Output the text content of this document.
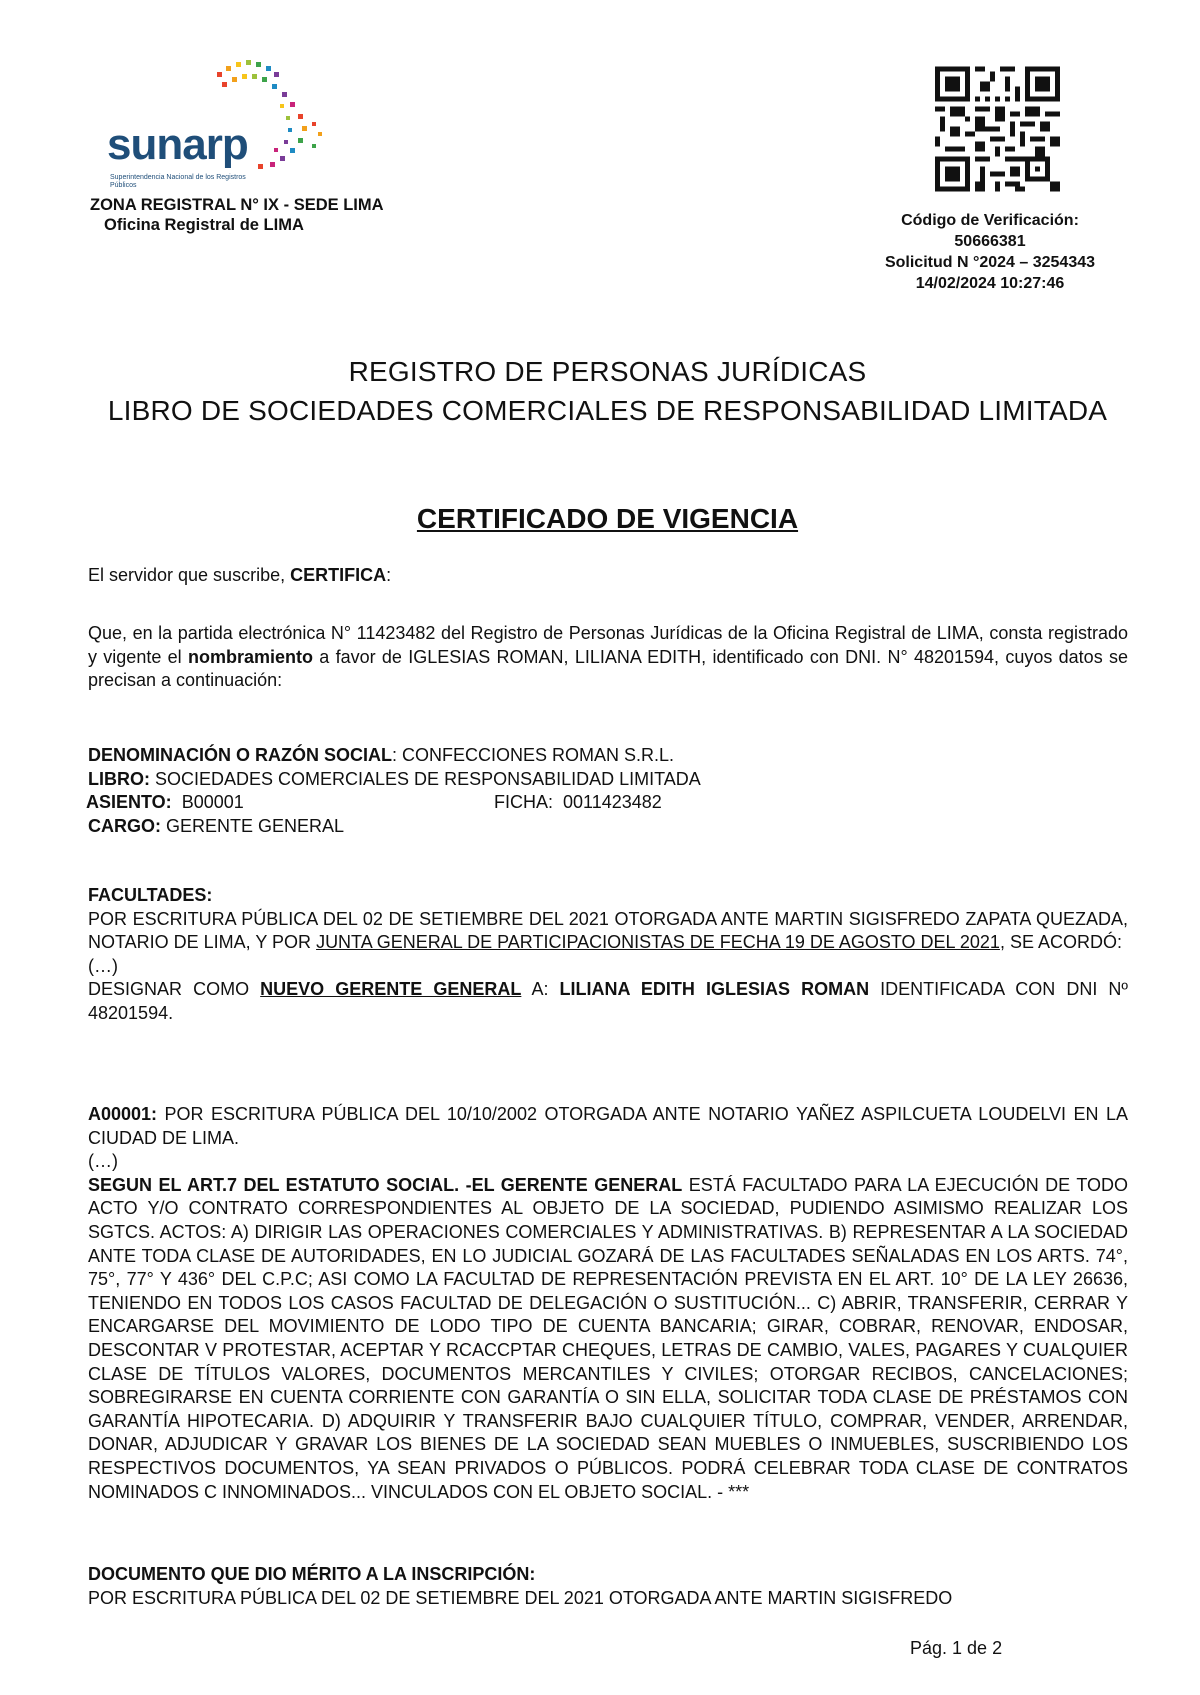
sunarp
Superintendencia Nacional de los Registros Públicos
ZONA REGISTRAL N° IX - SEDE LIMA
Oficina Registral de LIMA	Código de Verificación:
50666381
Solicitud N °2024 – 3254343
14/02/2024 10:27:46
REGISTRO DE PERSONAS JURÍDICAS
LIBRO DE SOCIEDADES COMERCIALES DE RESPONSABILIDAD LIMITADA
CERTIFICADO DE VIGENCIA
El servidor que suscribe, CERTIFICA:
Que, en la partida electrónica N° 11423482 del Registro de Personas Jurídicas de la Oficina Registral de LIMA, consta registrado y vigente el nombramiento a favor de IGLESIAS ROMAN, LILIANA EDITH, identificado con DNI. N° 48201594, cuyos datos se precisan a continuación:
DENOMINACIÓN O RAZÓN SOCIAL: CONFECCIONES ROMAN S.R.L.
LIBRO: SOCIEDADES COMERCIALES DE RESPONSABILIDAD LIMITADA
ASIENTO:  B00001	FICHA:  0011423482
CARGO: GERENTE GENERAL
FACULTADES:
POR ESCRITURA PÚBLICA DEL 02 DE SETIEMBRE DEL 2021 OTORGADA ANTE MARTIN SIGISFREDO ZAPATA QUEZADA, NOTARIO DE LIMA, Y POR JUNTA GENERAL DE PARTICIPACIONISTAS DE FECHA 19 DE AGOSTO DEL 2021, SE ACORDÓ:
(…)
DESIGNAR COMO NUEVO GERENTE GENERAL A: LILIANA EDITH IGLESIAS ROMAN IDENTIFICADA CON DNI Nº 48201594.
A00001: POR ESCRITURA PÚBLICA DEL 10/10/2002 OTORGADA ANTE NOTARIO YAÑEZ ASPILCUETA LOUDELVI EN LA CIUDAD DE LIMA.
(…)
SEGUN EL ART.7 DEL ESTATUTO SOCIAL. -EL GERENTE GENERAL ESTÁ FACULTADO PARA LA EJECUCIÓN DE TODO ACTO Y/O CONTRATO CORRESPONDIENTES AL OBJETO DE LA SOCIEDAD, PUDIENDO ASIMISMO REALIZAR LOS SGTCS. ACTOS: A) DIRIGIR LAS OPERACIONES COMERCIALES Y ADMINISTRATIVAS. B) REPRESENTAR A LA SOCIEDAD ANTE TODA CLASE DE AUTORIDADES, EN LO JUDICIAL GOZARÁ DE LAS FACULTADES SEÑALADAS EN LOS ARTS. 74°, 75°, 77° Y 436° DEL C.P.C; ASI COMO LA FACULTAD DE REPRESENTACIÓN PREVISTA EN EL ART. 10° DE LA LEY 26636, TENIENDO EN TODOS LOS CASOS FACULTAD DE DELEGACIÓN O SUSTITUCIÓN... C) ABRIR, TRANSFERIR, CERRAR Y ENCARGARSE DEL MOVIMIENTO DE LODO TIPO DE CUENTA BANCARIA; GIRAR, COBRAR, RENOVAR, ENDOSAR, DESCONTAR V PROTESTAR, ACEPTAR Y RCACCPTAR CHEQUES, LETRAS DE CAMBIO, VALES, PAGARES Y CUALQUIER CLASE DE TÍTULOS VALORES, DOCUMENTOS MERCANTILES Y CIVILES; OTORGAR RECIBOS, CANCELACIONES; SOBREGIRARSE EN CUENTA CORRIENTE CON GARANTÍA O SIN ELLA, SOLICITAR TODA CLASE DE PRÉSTAMOS CON GARANTÍA HIPOTECARIA. D) ADQUIRIR Y TRANSFERIR BAJO CUALQUIER TÍTULO, COMPRAR, VENDER, ARRENDAR, DONAR, ADJUDICAR Y GRAVAR LOS BIENES DE LA SOCIEDAD SEAN MUEBLES O INMUEBLES, SUSCRIBIENDO LOS RESPECTIVOS DOCUMENTOS, YA SEAN PRIVADOS O PÚBLICOS. PODRÁ CELEBRAR TODA CLASE DE CONTRATOS NOMINADOS C INNOMINADOS... VINCULADOS CON EL OBJETO SOCIAL. - ***
DOCUMENTO QUE DIO MÉRITO A LA INSCRIPCIÓN:
POR ESCRITURA PÚBLICA DEL 02 DE SETIEMBRE DEL 2021 OTORGADA ANTE MARTIN SIGISFREDO
Pág. 1 de 2
